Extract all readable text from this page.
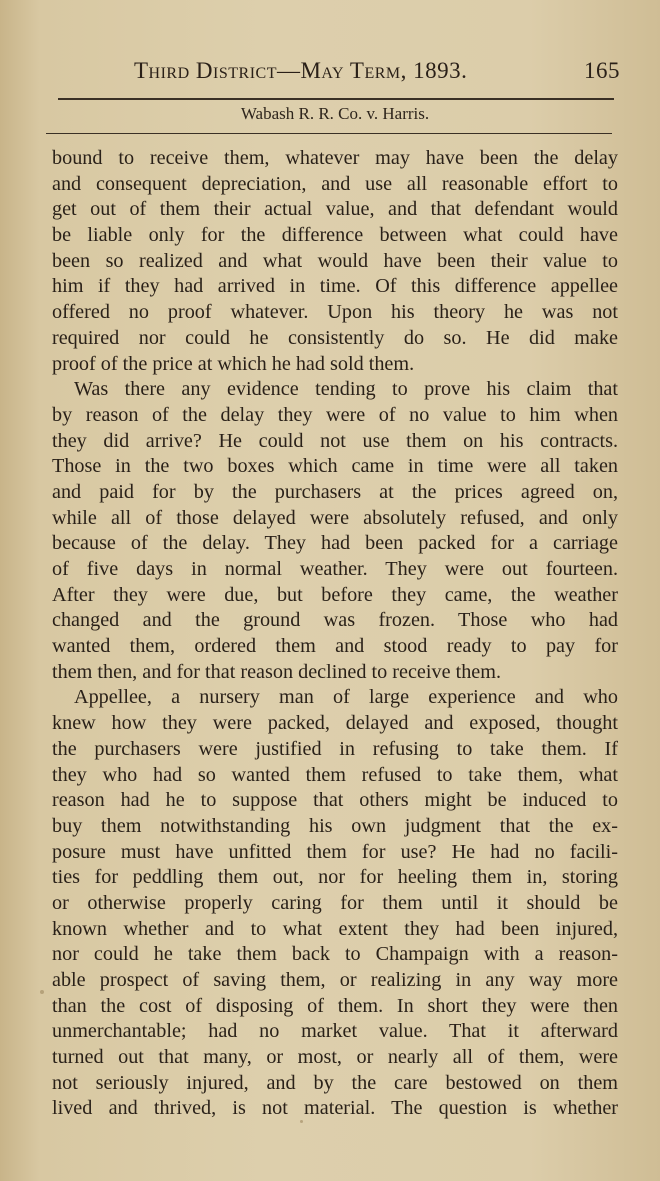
Third District—May Term, 1893.	165
Wabash R. R. Co. v. Harris.
bound to receive them, whatever may have been the delay
and consequent depreciation, and use all reasonable effort to
get out of them their actual value, and that defendant would
be liable only for the difference between what could have
been so realized and what would have been their value to
him if they had arrived in time. Of this difference appellee
offered no proof whatever. Upon his theory he was not
required nor could he consistently do so. He did make
proof of the price at which he had sold them.
Was there any evidence tending to prove his claim that
by reason of the delay they were of no value to him when
they did arrive? He could not use them on his contracts.
Those in the two boxes which came in time were all taken
and paid for by the purchasers at the prices agreed on,
while all of those delayed were absolutely refused, and only
because of the delay. They had been packed for a carriage
of five days in normal weather. They were out fourteen.
After they were due, but before they came, the weather
changed and the ground was frozen. Those who had
wanted them, ordered them and stood ready to pay for
them then, and for that reason declined to receive them.
Appellee, a nursery man of large experience and who
knew how they were packed, delayed and exposed, thought
the purchasers were justified in refusing to take them. If
they who had so wanted them refused to take them, what
reason had he to suppose that others might be induced to
buy them notwithstanding his own judgment that the ex-
posure must have unfitted them for use? He had no facili-
ties for peddling them out, nor for heeling them in, storing
or otherwise properly caring for them until it should be
known whether and to what extent they had been injured,
nor could he take them back to Champaign with a reason-
able prospect of saving them, or realizing in any way more
than the cost of disposing of them. In short they were then
unmerchantable; had no market value. That it afterward
turned out that many, or most, or nearly all of them, were
not seriously injured, and by the care bestowed on them
lived and thrived, is not material. The question is whether
